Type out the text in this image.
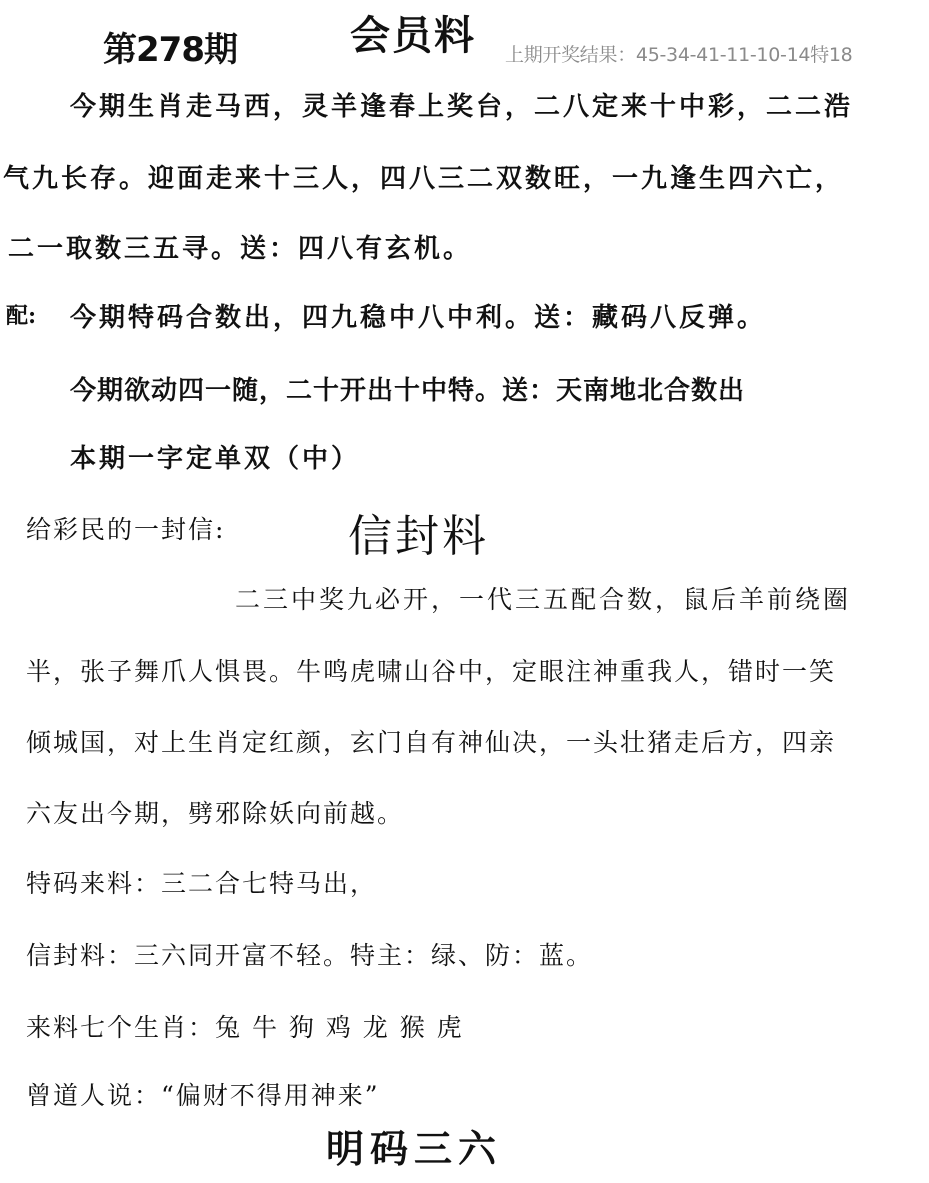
第278期	会员料 上期开奖结果：45-34-41-11-10-14特18
今期生肖走马西，灵羊逢春上奖台，二八定来十中彩，二二浩
气九长存。迎面走来十三人，四八三二双数旺，一九逢生四六亡，
二一取数三五寻。送：四八有玄机。
配: 今期特码合数出，四九稳中八中利。送：藏码八反弹。
今期欲动四一随，二十开出十中特。送：天南地北合数出
本期一字定单双（中）
给彩民的一封信:	信封料
二三中奖九必开，一代三五配合数，鼠后羊前绕圈
半，张子舞爪人惧畏。牛鸣虎啸山谷中，定眼注神重我人，错时一笑
倾城国，对上生肖定红颜，玄门自有神仙决，一头壮猪走后方，四亲
六友出今期，劈邪除妖向前越。
特码来料：三二合七特马出，
信封料：三六同开富不轻。特主：绿、防：蓝。
来料七个生肖：兔 牛 狗 鸡 龙 猴 虎
曾道人说：“偏财不得用神来”
明码三六
